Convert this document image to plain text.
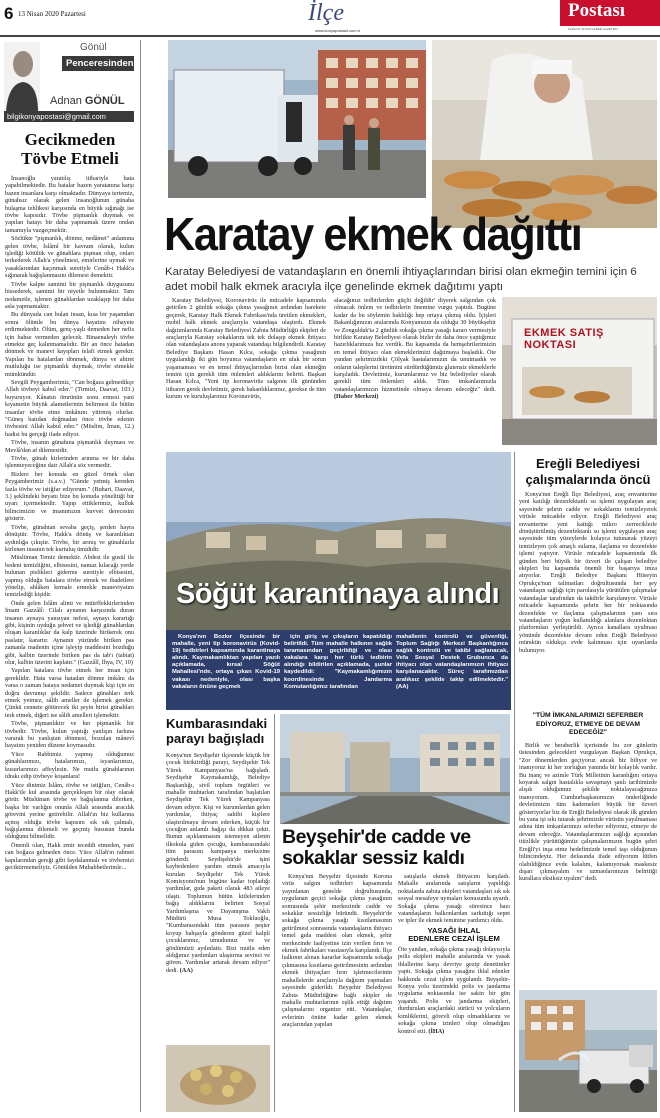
6 13 Nisan 2020 Pazartesi	İlçe
www.konyapostasi.com.tr
Postası
GÜNLÜK SİYASİ HABER GAZETESİ
Gönül
Penceresinden
Adnan GÖNÜL
bilgikonyapostasi@gmail.com
Gecikmeden
Tövbe Etmeli

İnsanoğlu yaratılış itibariyle hata yapabilmektedir. Bu hatalar bazen yaratanına karşı bazen insanlara karşı olmaktadır. Dünyaya tertemiz, günahsız olarak gelen insanoğlunun günaha bulaşma tehlikesi karşısında en büyük sığınağı ise tövbe kapısıdır. Tövbe pişmanlık duymak ve yapılan hatayı bir daha yapmamak üzere ondan tamamıyla vazgeçmektir.

Sözlükte "pişmanlık, dönme, nedâmet" anlamına gelen tövbe, İslâmî bir kavram olarak, kulun işlediği kötülük ve günahlara pişman olup, onları terkederek Allah'a yönelmesi, emirlerine uymak ve yasaklarından kaçınmak suretiyle Cenâb-ı Hakk'a sığınarak bağışlanmasını dilemesi demektir.

Tövbe kalpte samimi bir pişmanlık duygusunu hissederek, samimi bir niyetle bulunmaktır. Tam nedametle, işlenen günahlardan uzaklaşıp bir daha asla yapmamaktır.

Bu dünyada can bulan insan, kısa bir yaşamdan sonra ölümle bu dünya hayatını nihayete erdirmektedir. Ölüm, genç-yaşlı demeden her nefis için bahse vermeden gelecek. Binaenaleyh tövbe etmekte geç kalınmamalıdır. Bir an önce hatadan dönmek ve manevi kayıpları telafi etmek gerekir. Yapılan bu hatalardan dönmek, dünya ve ahiret mutluluğu ise pişmanlık duymak, tövbe etmekle mümkündür.

Sevgili Peygamberimiz, "Can boğaza gelmedikçe Allah tövbeyi kabul eder." (Tirmizi, Daavat, 103.) buyuruyor. Kânatın ömrünün sonu ermesi yani kıyametin büyük alametlerinin belirmesi ile bütün insanlar tövbe etme imkânını yitirmiş olurlar. "Güneş batıdan doğmadan önce tövbe edenin tövbesini Allah kabul eder." (Müslim, İman, 12.) hadisi bu gerçeği ifade ediyor.

Tövbe, insanın günahına pişmanlık duyması ve Mevlâ'dan af dilemesidir.

Tövbe, günah kirlerinden arınma ve bir daha işlenmeyeceğine dair Allah'a söz vermedir.

Bizlere her konuda en güzel örnek olan Peygamberimiz (s.a.v.) "Günde yetmiş kereden fazla tövbe ve istiğfar ediyorum." (Buhari, Daavat, 3.) şeklindeki beyanı bize bu konuda yönelttiği bir uyarı içermektedir. Yapıp ettiklerimiz, kulluk bilincimizin ve imanımızın kuvvet derecesini gösterir.

Tövbe, günahtan sevaba geçiş, şerden hayra dönüştür. Tövbe, Hakk'a dönüş ve karanlıktan aydınlığa çıkıştır. Tövbe, bir arınış ve günahlarla kirlenen insanın tek kurtuluş ümididir.

Müslüman Temiz demektir. Abdest ile gusül ile bedeni temizliğini, elbisesini, namaz kılacağı yerde bulunan pislikleri giderme suretiyle elbisesini, yapmış olduğu hatalara tövbe etmek ve ibadetlere yönelip, ahlâken kemale ermekle maneviyatını temizlediği kişidir.

Önde gelen İslâm alimi ve müteffekkirlerinden İmam Gazzâlî: Cilalı aynanın karşısında duran insanın aynaya yansıyan nefesi, aynayı karartığı gibi, kişinin uyduğu şehvet ve işlediği günahlardan oluşan karanlıklar da kalp üzerinde birikerek onu paslatır, karartır. Aynanın yüzünde biriken pas zamanla madenin içine işleyip maddesini bozduğu gibi, kalbin üzerinde biriken pas da tab'ı (tabiat) olur, kalbin üzerini kaplatır." (Gazzâlî, İhya, IV, 10)

Yapılan hatalara tövbe etmek her insan için gereklidir. Hata varsa hatadan dönme imkânı da varsa o zaman hataya nedamet duymak kişi için en doğru davranışı şekildir. Sadece günahları terk etmek yetmez, sâlih ameller de işlemek gerekir. Çünkü cennete götürecek iki şeyin birisi günahları terk etmek, diğeri ise sâlih amelleri işlemektir.

Tövbe, pişmanlıktır ve her pişmanlık bir tövbedir. Tövbe, kulun yaptığı yanlışın farkına vararak bu yanlıştan dönmesi, bozulan mânevî hayatını yeniden düzene koymasıdır.

Yüce Rabbimiz yapmış olduğumuz günahlarımızı, hatalarımızı, isyanlarımızı, kusurlarımızı affeylesin. Ne mutlu günahlarının idrakı edip tövbeye koşanlara!

Yüce dinimiz İslâm, tövbe ve istiğfarı, Cenâb-ı Hakk'ile kul arasında gerçekleşen bir olay olarak görür. Müslüman tövbe ve bağışlanma dilerken, başka bir varlığın onunla Allah arasında aracılık görevini yerine getirebilir. Allah'ın biz kullarına açmış olduğu tövbe kapısını sık sık çalmalı, bağışlanma dilemeli ve geçmiş hususun bunda olduğunu bilmelidir.

Önemli olan, Hakk emir teceddi etmeden, yani can boğaza gelmeden önce. Yüce Allah'ın rahmet kapılarından gereği gibi faydalanmalı ve tövbemizi geciktirmemeliyiz. Gönülden Muhabbetlerimle...

Karatay ekmek dağıttı
Karatay Belediyesi de vatandaşların en önemli ihtiyaçlarından birisi olan ekmeğin temini için 6 adet mobil halk ekmek aracıyla ilçe genelinde ekmek dağıtımı yaptı

Karatay Belediyesi, Koronavirüs ile mücadele kapsamında getirilen 2 günlük sokağa çıkma yasağının ardından harekete geçerek, Karatay Halk Ekmek Fabrikası'nda üretilen ekmekleri, mobil halk ekmek araçlarıyla vatandaşa ulaştırdı. Ekmek dağıtımlarında Karatay Belediyesi Zabıta Müdürlüğü ekipleri de araçlarıyla Karatay sokaklarını tek tek dolaşıp ekmek ihtiyacı olan vatandaşlara anons yaparak vatandaşı bilgilendirdi. Karatay Belediye Başkanı Hasan Kılca, sokağa çıkma yasağının uygulandığı iki gün boyunca vatandaşların en ufak bir sorun yaşamaması ve en temel ihtiyaçlarından birisi olan ekmeğin temini için gerekli tüm önlemleri aldıklarını belirtti. Başkan Hasan Kılca, "Yeni tip koronavirüs salgının ilk gününden itibaren gerek devletimiz, gerek bakanlıklarımız, gerekse de tüm kurum ve kuruluşlarımız Koronavirüs,

alacağımız tedbirlerden güçlü değildir' diyerek salgından çok olmacak önlem ve tedbirlerin önemine vurgu yaptıdı. Bugüne kadar da bu söylemin haklılığı hep ortaya çıkmış oldu. İçişleri Bakanlığımızın aralarında Konyamızın da olduğu 30 büyükşehir ve Zonguldak'ta 2 günlük sokağa çıkma yasağı kararı vermesiyle birlikte Karatay Belediyesi olarak bizler de daha önce yaptığımız hazırlıklarımıza hız verdik. Bu kapsamda da hemşehrilerimizin en temel ihtiyacı olan ekmeklerimizi dağıtmaya başladık. Öte yandan şehrimizdeki Çölyak hastalarımızın da unutmadık ve onların taleplerini üretimini sürdürdüğümüz glutensiz ekmeklerle karşıladık. Devletimiz, kurumlarımız ve biz belediyeler olarak gerekli tüm önlemleri aldık. Tüm imkanlarımızla vatandaşlarımızın hizmetinde olmaya devam edeceğiz" dedi.

(Haber Merkezi)
EKMEK SATIŞ NOKTASI
Söğüt karantinaya alındı

Konya'nın Bozkır ilçesinde bir mahalle, yeni tip koronavirüs (Kovid-19) tedbirleri kapsamında karantinaya alındı. Kaymakamlıktan yapılan yazılı açıklamada, kırsal Söğüt Mahallesi'nde, ortaya çıkan Kovid-19 vakası nedeniyle, olası başka vakaların önüne geçmek

için giriş ve çıkışların kapatıldığı belirtildi. Tüm mahalle halkının sağlık taramasından geçirildiği ve olası vakalara karşı her türlü tedbirin alındığı bildirilen açıklamada, şunlar kaydedildi: "Kaymakamlığımızın koordinesinde Jandarma Komutanlığımız tarafından

mahallenin kontrolü ve güvenliği, Toplum Sağlığı Merkezi Başkanlığınca sağlık kontrolü ve takibi sağlanacak, Vefa Sosyal Destek Grubunca da ihtiyacı olan vatandaşlarımızın ihtiyacı karşılanacaktır. Süreç tarafımızdan aralıksız şekilde takip edilmektedir."

(AA)
Ereğli Belediyesi
çalışmalarında öncü

Konya'nın Ereğli İlçe Belediyesi, araç envanterine yeni katılığı dezenfektanlı su işlemi uygulayan araç sayesinde şehrin cadde ve sokaklarını temizleyerek virüsle mücadele ediyor. Ereğli Belediyesi araç envanterine yeni kattığı mikro zerreciklerle dönüştürülmüş dezenfektanlı su işlemi uygulayan araç sayesinde tüm yüzeylerde kolayca tutunarak yüzeyi temizleyen çok amaçlı sulama, ilaçlama ve dezenfekte işlemi yapıyor. Virüsle mücadele kapsamında ilk günden beri büyük bir özveri ile çalışan belediye ekipleri bu kapsamda önemli bir başarıya imza atıyorlar. Ereğli Belediye Başkanı Hüseyin Oprukçu'nun talimatları doğrultusunda her şey vatandaşın sağlığı için parolasıyla yürütülen çalışmalar vatandaşlar tarafından da takdirle karşılanıyor. Virüsle mücadele kapsamında şehrin her bir noktasında dezenfekte ve ilaçlama çalışmalarının yanı sıra vatandaşların yoğun kullanıldığı alanlara dezenfektan platformları yerleştirildi. Ayrıca kanallara uyulması yönünde dezenfekte devam eden Ereğli Belediyesi mümkün oldukça evde kalınması için uyarılarda bulunuyor.

"TÜM İMKANLARIMIZI SEFERBER EDİYORUZ, ETMEYE DE DEVAM EDECEĞİZ"

Birlik ve beraberlik içerisinde bu zor günlerin üstesinden gelecekleri vurgulayan Başkan Oprukçu, "Zor dönemlerden geçiyoruz ancak biz biliyor ve inanıyoruz ki her zorluğun yanında bir kolaylık vardır. Bu inanç ve azimle Türk Milletinin karanlığını ortaya koyarak salgın hastalıkla savaşmayı şanlı tarihimizde alışık olduğumuz şekilde noktalayacağımıza inanıyorum. Cumhurbaşkanımızın önderliğinde devletimizin tüm kademeleri büyük bir özveri gösteriyorlar biz de Ereğli Belediyesi olarak ilk günden bu yana işi sıkı tutarak şehrimizde virüsün yayılmaması adına tüm imkanlarımızı seferber ediyoruz, etmeye de devam edeceğiz. Vatandaşlarımızın sağlığı açısından titizlikle yürüttüğümüz çalışmalarımızın bugün şehri Ereğli'yi inşa etme hedefimizde temel taşı olduğunun bilincindeyiz. Her defasında ifade ediyorum lütfen olabildiğince evde kalalım, kalamıyorsak maskesiz dışarı çıkmayalım ve uzmanlarımızın belirttiği kurallara eksiksiz uyalım" dedi.

Kumbarasındaki
parayı bağışladı

Konya'nın Seydişehir ilçesinde küçük bir çocuk biriktirdiği parayı, Seydişehir Tek Yürek Kampanyası'na bağışladı. Seydişehir Kaymakamlığı, Belediye Başkanlığı, sivil toplum örgütleri ve mahalle muhtarları tarafından başlatılan Seydişehir Tek Yürek Kampanyası devam ediyor. Kişi ve kurumlardan gelen yardımlar, ihtiyaç sahibi kişilere ulaştırılmaya devam ederken, küçük bir çocuğun anlamlı bağışı da dikkat çekti. Bunun açıklanmasını istemeyen ailenin ilkokula giden çocuğu, kumbarasındaki tüm parasını kampanya merkezine gönderdi. Seydişehir'de işini kaybedenlere yardım etmek amacıyla kurulan Seydişehir Tek Yürek Komisyonu'nun bugüne kadar topladığı yardımlar, gıda paketi olarak 483 aileye ulaştı. Toplumun bütün kitlelerinden bağış aldıklarını belirten Sosyal Yardımlaşma ve Dayanışma Vakfı Müdürü Musa Tokluoğlu, "Kumbarasındaki tüm parasını peşter koyup bahşayla gönderen güzel kalpli çocuklarımız, umudumuz ve ve gönlümüzü aydınlattı. Bizi mutlu eden aldığımız yardımları ulaştırma sevinci ve güven. Yardımlar artarak devam ediyor" dedi. (AA)
Beyşehir'de cadde ve
sokaklar sessiz kaldı

Konya'nın Beyşehir ilçesinde Korona virüs salgını tedbirleri kapsamında yayınlanan genelde doğrultusunda, uygulanan geçici sokağa çıkma yasağının sonrasında şehir merkezinde cadde ve sokaklar sessizliğe büründü. Beyşehir'de sokağa çıkma yasağı kısıtlamasının getirilmesi sonrasında vatandaşların ihtiyacı temel gıda maddesi olan ekmek, şehir merkezinde faaliyetine izin verilen fırın ve ekmek fabrikaları vasıtasıyla karşılandı. İlçe halkının alınan kararlar kapsamında sokağa çıkmasına kısıtlama getirilmesinin ardından ekmek ihtiyaçları fırın işletmecilerinin mahallelerde araçlarıyla dağıtım yapmaları sayesinde giderildi. Beyşehir Belediyesi Zabıta Müdürlüğüne bağlı ekipler de mahalle muhtarlarının eşlik ettiği dağıtım çalışmalarını organize etti. Vatandaşlar, evlerinin önüne kadar gelen ekmek araçlarından yapılan

satışlarla ekmek ihtiyacını karşıladı. Mahalle aralarında satışların yapıldığı noktalarda zabıta ekipleri vatandaşları sık sık sosyal mesafeye uymaları konusunda uyardı. Sokağa çıkma yasağı süresince bazı vatandaşların balkonlardan sarkıttığı sepet ve ipler ile ekmek teminine yardımcı oldu.

YASAĞI İHLAL
EDENLERE CEZAİ İŞLEM

Öte yandan, sokağa çıkma yasağı dolayısıyla polis ekipleri mahalle aralarında ve yasak ihlallerine karşı devriye gezip denetimler yaptı. Sokağa çıkma yasağını ihlal edenler hakkında cezai işlem uygulandı. Beyşehir-Konya yolu üzerindeki polis ve jandarma uygulama noktasında ise sakin bir gün yaşandı. Polis ve jandarma ekipleri, durdurulan araçlardaki sürücü ve yolcuların kimliklerini, görevli olup olmadıklarını ve sokağa çıkma izinleri olup olmadığını kontrol etti. (İHA)
